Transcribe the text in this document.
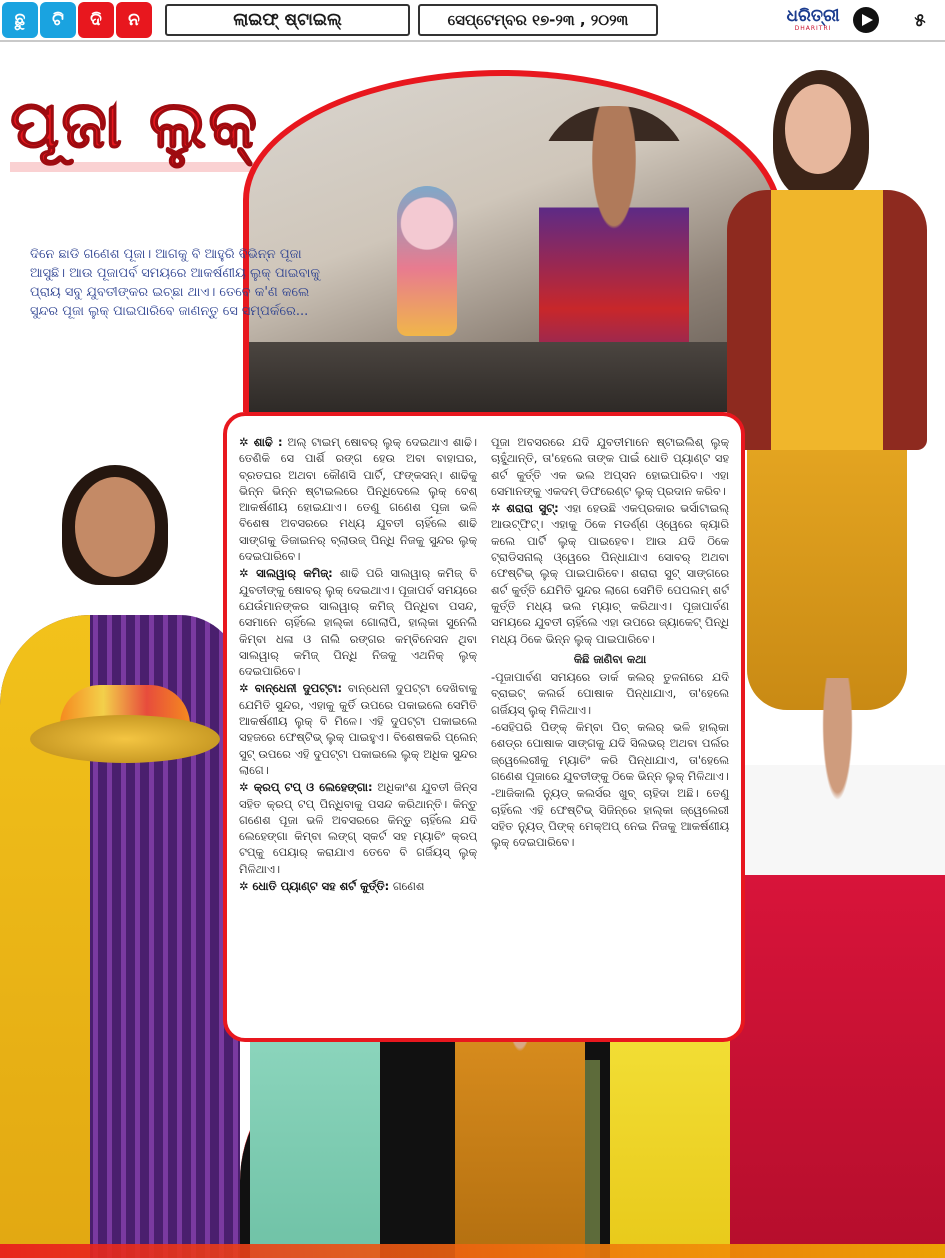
ଛୁ	ଟି	ଦି	ନ	ଲାଇଫ୍ ଷ୍ଟାଇଲ୍	ସେପ୍ଟେମ୍ବର ୧୭-୨୩ , ୨୦୨୩	ଧରିତ୍ରୀ
DHARITRI	୫
ପୂଜା ଲୁକ୍

ଦିନେ ଛାଡି ଗଣେଶ ପୂଜା। ଆଗକୁ ବି ଆହୁରି ବିଭିନ୍ନ ପୂଜା ଆସୁଛି। ଆଉ ପୂଜାପର୍ବ ସମୟରେ ଆକର୍ଷଣୀୟ ଲୁକ୍ ପାଇବାକୁ ପ୍ରାୟ ସବୁ ଯୁବତୀଙ୍କର ଇଚ୍ଛା ଥାଏ। ତେବେ କ'ଣ କଲେ ସୁନ୍ଦର ପୂଜା ଲୁକ୍ ପାଇପାରିବେ ଜାଣନ୍ତୁ ସେ ସମ୍ପର୍କରେ...

✲ ଶାଢି : ଅଲ୍ ଟାଇମ୍ ଷୋବର୍ ଲୁକ୍ ଦେଇଥାଏ ଶାଢି। ତେଣିକି ସେ ପାର୍ଶି ରଙ୍ଗ ହେଉ ଅବା ବାହାଘର, ବ୍ରତଘର ଅଥବା କୌଣସି ପାର୍ଟି, ଫଙ୍କସନ୍। ଶାଢିକୁ ଭିନ୍ନ ଭିନ୍ନ ଷ୍ଟାଇଲରେ ପିନ୍ଧିଦେଲେ ଲୁକ୍ ବେଶ୍ ଆକର୍ଷଣୀୟ ହୋଇଯାଏ। ତେଣୁ ଗଣେଶ ପୂଜା ଭଳି ବିଶେଷ ଅବସରରେ ମଧ୍ୟ ଯୁବତୀ ଚାହିଁଲେ ଶାଢି ସାଙ୍ଗକୁ ଡିଜାଇନର୍ ବ୍ଲାଉଜ୍ ପିନ୍ଧି ନିଜକୁ ସୁନ୍ଦର ଲୁକ୍ ଦେଇପାରିବେ।

✲ ସାଲୱାର୍ କମିଜ୍: ଶାଢି ପରି ସାଲୱାର୍ କମିଜ୍ ବି ଯୁବତୀଙ୍କୁ ଷୋବର୍ ଲୁକ୍ ଦେଇଥାଏ। ପୂଜାପର୍ବ ସମୟରେ ଯେଉଁମାନଙ୍କର ସାଲୱାର୍ କମିଜ୍ ପିନ୍ଧିବା ପସନ୍ଦ, ସେମାନେ ଚାହିଁଲେ ହାଲ୍କା ଗୋଲାପି, ହାଲ୍କା ସୁନେଲି କିମ୍ବା ଧଳା ଓ ନାଲି ରଙ୍ଗର କମ୍ବିନେସନ ଥିବା ସାଲୱାର୍ କମିଜ୍ ପିନ୍ଧି ନିଜକୁ ଏଥନିକ୍ ଲୁକ୍ ଦେଇପାରିବେ।

✲ ବାନ୍ଧେନୀ ଦୁପଟ୍ଟା: ବାନ୍ଧେନୀ ଦୁପଟ୍ଟା ଦେଖିବାକୁ ଯେମିତି ସୁନ୍ଦର, ଏହାକୁ କୁର୍ତି ଉପରେ ପକାଇଲେ ସେମିତି ଆକର୍ଷଣୀୟ ଲୁକ୍ ବି ମିଳେ। ଏହି ଦୁପଟ୍ଟା ପକାଇଲେ ସହଜରେ ଫେଷ୍ଟିଭ୍ ଲୁକ୍ ପାଇହୁଏ। ବିଶେଷକରି ପ୍ଲେନ୍ ସୁଟ୍ ଉପରେ ଏହି ଦୁପଟ୍ଟା ପକାଇଲେ ଲୁକ୍ ଅଧିକ ସୁନ୍ଦର ଲାଗେ।

✲ କ୍ରପ୍ ଟପ୍ ଓ ଲେହେଙ୍ଗା: ଅଧିକାଂଶ ଯୁବତୀ ଜିନ୍ସ ସହିତ କ୍ରପ୍ ଟପ୍ ପିନ୍ଧିବାକୁ ପସନ୍ଦ କରିଥାନ୍ତି। କିନ୍ତୁ ଗଣେଶ ପୂଜା ଭଳି ଅବସରରେ କିନ୍ତୁ ଚାହିଁଲେ ଯଦି ଲେହେଙ୍ଗା କିମ୍ବା ଲଙ୍ଗ୍ ସ୍କର୍ଟ ସହ ମ୍ୟାଚିଂ କ୍ରପ୍ ଟପ୍କୁ ପେୟାର୍ କରାଯାଏ ତେବେ ବି ଗର୍ଜିୟସ୍ ଲୁକ୍ ମିଳିଥାଏ।

✲ ଧୋତି ପ୍ୟାଣ୍ଟ ସହ ଶର୍ଟ କୁର୍ତ୍ତି: ଗଣେଶ

ପୂଜା ଅବସରରେ ଯଦି ଯୁବତୀମାନେ ଷ୍ଟାଇଲିଶ୍ ଲୁକ୍ ଚାହୁଁଥାନ୍ତି, ତା'ହେଲେ ତାଙ୍କ ପାଇଁ ଧୋତି ପ୍ୟାଣ୍ଟ ସହ ଶର୍ଟ କୁର୍ତ୍ତି ଏକ ଭଲ ଅପ୍ସନ ହୋଇପାରିବ। ଏହା ସେମାନଙ୍କୁ ଏକଦମ୍ ଡିଫରେଣ୍ଟ ଲୁକ୍ ପ୍ରଦାନ କରିବ।

✲ ଶରାରା ସୁଟ୍: ଏହା ହେଉଛି ଏକପ୍ରକାର ଭର୍ସାଟାଇଲ୍ ଆଉଟ୍ଫିଟ୍। ଏହାକୁ ଠିକେ ମଡର୍ଣ୍ଣ ଓ୍ୱେରେ କ୍ୟାରି କଲେ ପାର୍ଟି ଲୁକ୍ ପାଇହେବ। ଆଉ ଯଦି ଠିକେ ଟ୍ରାଡିସନାଲ୍ ଓ୍ୱେରେ ପିନ୍ଧାଯାଏ ସୋବର୍ ଅଥବା ଫେଷ୍ଟିଭ୍ ଲୁକ୍ ପାଇପାରିବେ। ଶରାରା ସୁଟ୍ ସାଙ୍ଗରେ ଶର୍ଟ କୁର୍ତ୍ତି ଯେମିତି ସୁନ୍ଦର ଲାଗେ ସେମିତି ପେପଲମ୍ ଶର୍ଟ କୁର୍ତ୍ତି ମଧ୍ୟ ଭଲ ମ୍ୟାଚ୍ କରିଥାଏ। ପୂଜାପାର୍ବଣ ସମୟରେ ଯୁବତୀ ଚାହିଁଲେ ଏହା ଉପରେ ଜ୍ୟାକେଟ୍ ପିନ୍ଧି ମଧ୍ୟ ଠିକେ ଭିନ୍ନ ଲୁକ୍ ପାଇପାରିବେ।

କିଛି ଜାଣିବା କଥା

-ପୂଜାପାର୍ବଣ ସମୟରେ ଡାର୍କ କଲର୍ ତୁଳନାରେ ଯଦି ବ୍ରାଇଟ୍ କଲର୍ର ପୋଷାକ ପିନ୍ଧାଯାଏ, ତା'ହେଲେ ଗର୍ଜିୟସ୍ ଲୁକ୍ ମିଳିଥାଏ।

-ସେହିପରି ପିଙ୍କ୍ କିମ୍ବା ପିଚ୍ କଲର୍ ଭଳି ହାଲ୍କା ଶେଡ୍ର ପୋଷାକ ସାଙ୍ଗକୁ ଯଦି ସିଲଭର୍ ଅଥବା ପର୍ଲର ଜ୍ୱେଲେରୀକୁ ମ୍ୟାଚିଂ କରି ପିନ୍ଧାଯାଏ, ତା'ହେଲେ ଗଣେଶ ପୂଜାରେ ଯୁବତୀଙ୍କୁ ଠିକେ ଭିନ୍ନ ଲୁକ୍ ମିଳିଥାଏ।

-ଆଜିକାଲି ନ୍ୟୁଡ୍ କଲର୍ସର ଖୁବ୍ ଚାହିଦା ଅଛି। ତେଣୁ ଚାହିଁଲେ ଏହି ଫେଷ୍ଟିଭ୍ ସିଜିନ୍‌ରେ ହାଲ୍କା ଜ୍ୱେଲେରୀ ସହିତ ନ୍ୟୁଡ୍ ପିଙ୍କ୍ ମେକ୍ଅପ୍ ନେଇ ନିଜକୁ ଆକର୍ଷଣୀୟ ଲୁକ୍ ଦେଇପାରିବେ।
